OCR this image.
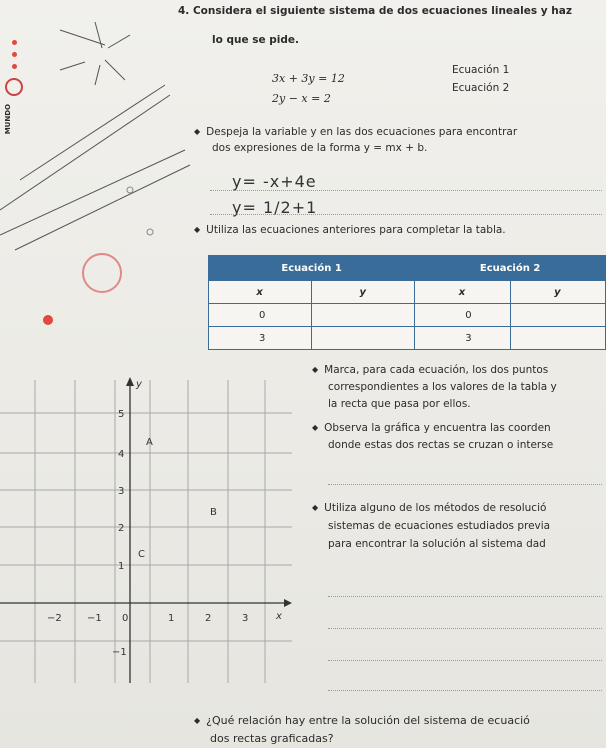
MUNDO
4. Considera el siguiente sistema de dos ecuaciones lineales y haz
lo que se pide.
3x + 3y = 12
Ecuación 1
2y − x = 2
Ecuación 2
◆ Despeja la variable y en las dos ecuaciones para encontrar
dos expresiones de la forma y = mx + b.
y= -x+4e
y= 1/2+1
◆ Utiliza las ecuaciones anteriores para completar la tabla.
Ecuación 1		Ecuación 2	
x	y	x	y
0		0	
3		3	
y
x
5
4
3
2
1
−1
−2	−1 0	1	2	3
A
B
C
◆ Marca, para cada ecuación, los dos puntos
correspondientes a los valores de la tabla y
la recta que pasa por ellos.
◆ Observa la gráfica y encuentra las coorden
donde estas dos rectas se cruzan o interse
◆ Utiliza alguno de los métodos de resolució
sistemas de ecuaciones estudiados previa
para encontrar la solución al sistema dad
◆ ¿Qué relación hay entre la solución del sistema de ecuació
dos rectas graficadas?
